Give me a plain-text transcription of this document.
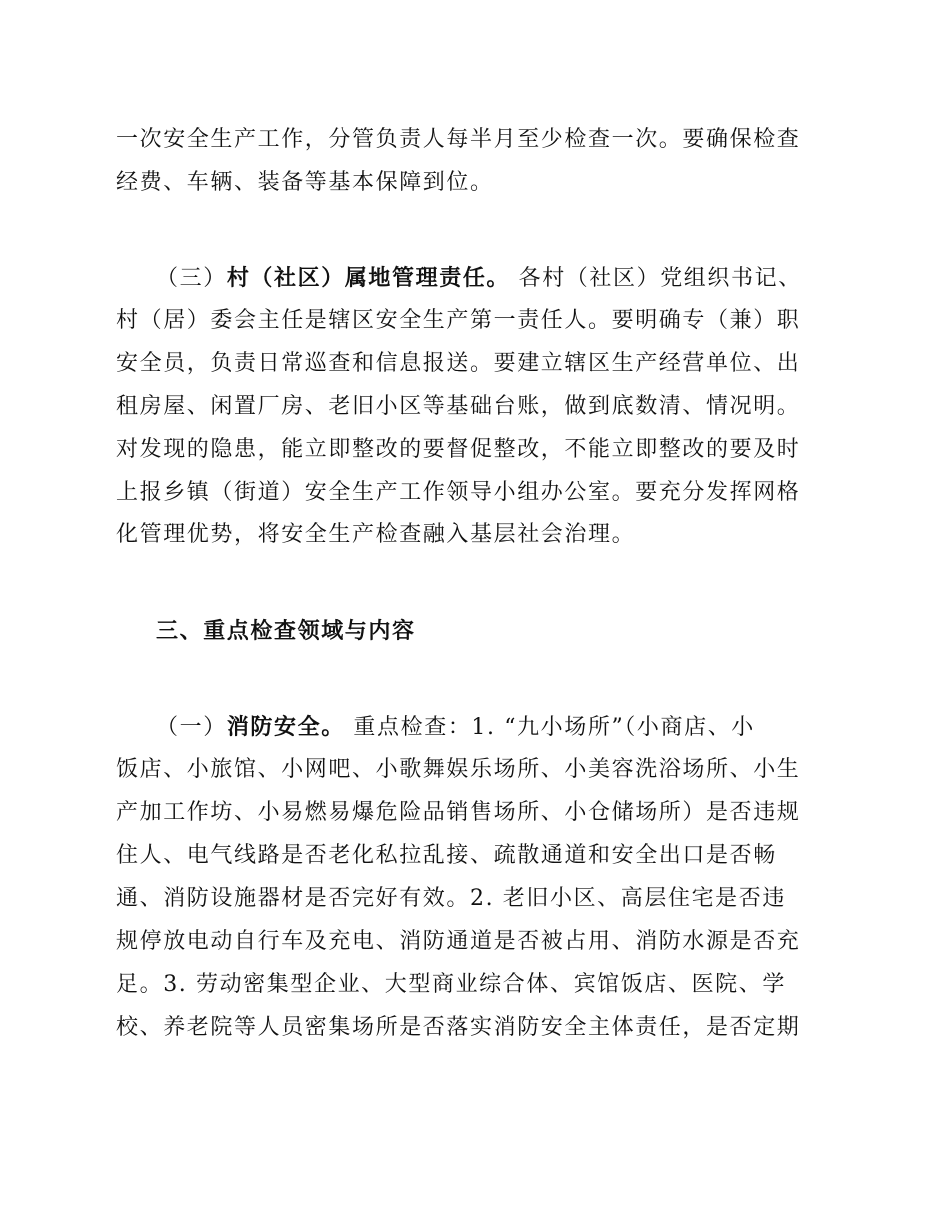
一次安全生产工作，分管负责人每半月至少检查一次。要确保检查
经费、车辆、装备等基本保障到位。
（三）村（社区）属地管理责任。 各村（社区）党组织书记、
村（居）委会主任是辖区安全生产第一责任人。要明确专（兼）职
安全员，负责日常巡查和信息报送。要建立辖区生产经营单位、出
租房屋、闲置厂房、老旧小区等基础台账，做到底数清、情况明。
对发现的隐患，能立即整改的要督促整改，不能立即整改的要及时
上报乡镇（街道）安全生产工作领导小组办公室。要充分发挥网格
化管理优势，将安全生产检查融入基层社会治理。
三、重点检查领域与内容
（一）消防安全。 重点检查：1. “九小场所”（小商店、小
饭店、小旅馆、小网吧、小歌舞娱乐场所、小美容洗浴场所、小生
产加工作坊、小易燃易爆危险品销售场所、小仓储场所）是否违规
住人、电气线路是否老化私拉乱接、疏散通道和安全出口是否畅
通、消防设施器材是否完好有效。2. 老旧小区、高层住宅是否违
规停放电动自行车及充电、消防通道是否被占用、消防水源是否充
足。3. 劳动密集型企业、大型商业综合体、宾馆饭店、医院、学
校、养老院等人员密集场所是否落实消防安全主体责任，是否定期
